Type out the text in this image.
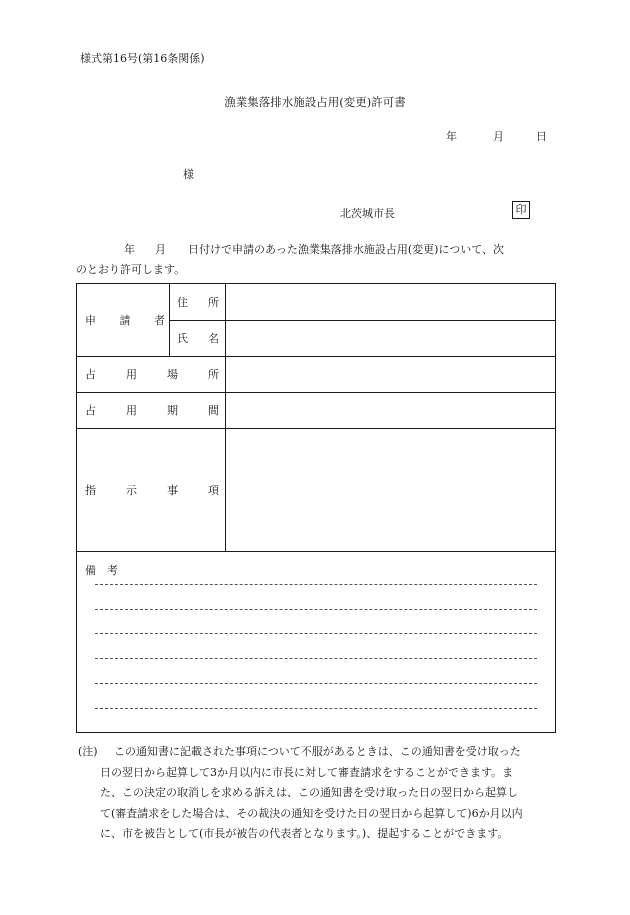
様式第16号(第16条関係)
漁業集落排水施設占用(変更)許可書
年	月	日
様
北茨城市長	印
年 月 日付けで申請のあった漁業集落排水施設占用(変更)について、次
のとおり許可します。
申 請 者
住 所
氏 名
占	用	場	所
占	用	期	間
指	示	事	項
備　考
(注)	この通知書に記載された事項について不服があるときは、この通知書を受け取った
日の翌日から起算して3か月以内に市長に対して審査請求をすることができます。ま
た、この決定の取消しを求める訴えは、この通知書を受け取った日の翌日から起算し
て(審査請求をした場合は、その裁決の通知を受けた日の翌日から起算して)6か月以内
に、市を被告として(市長が被告の代表者となります。)、提起することができます。
